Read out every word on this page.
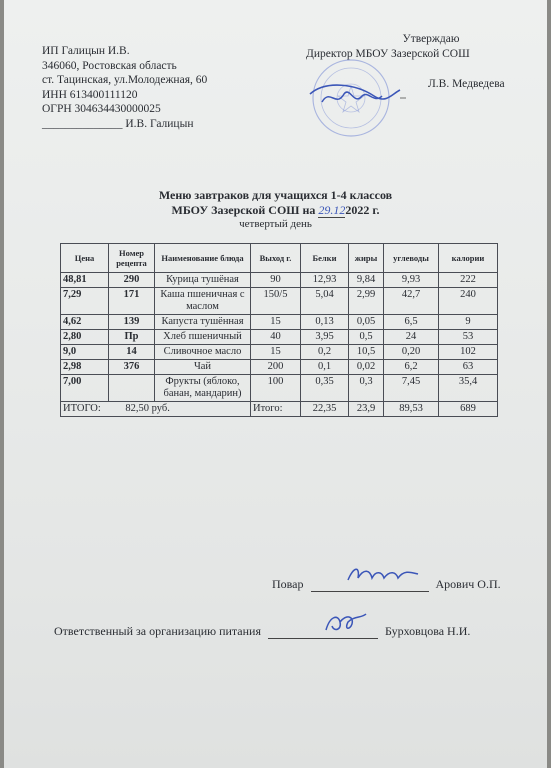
ИП Галицын И.В.
346060, Ростовская область
ст. Тацинская, ул.Молодежная, 60
ИНН 613400111120
ОГРН 304634430000025
______________ И.В. Галицын
Утверждаю
Директор МБОУ Зазерской СОШ
Л.В. Медведева
Меню завтраков для учащихся 1-4 классов
МБОУ Зазерской СОШ на 29.122022 г.
четвертый день
Цена	Номер рецепта	Наименование блюда	Выход г.	Белки	жиры	углеводы	калории
48,81	290	Курица тушёная	90	12,93	9,84	9,93	222
7,29	171	Каша пшеничная с маслом	150/5	5,04	2,99	42,7	240
4,62	139	Капуста тушённая	15	0,13	0,05	6,5	9
2,80	Пр	Хлеб пшеничный	40	3,95	0,5	24	53
9,0	14	Сливочное масло	15	0,2	10,5	0,20	102
2,98	376	Чай	200	0,1	0,02	6,2	63
7,00		Фрукты (яблоко, банан, мандарин)	100	0,35	0,3	7,45	35,4
ИТОГО: 82,50 руб.			Итого:	22,35	23,9	89,53	689
Повар	Арович О.П.
Ответственный за организацию питания	Бурховцова Н.И.
